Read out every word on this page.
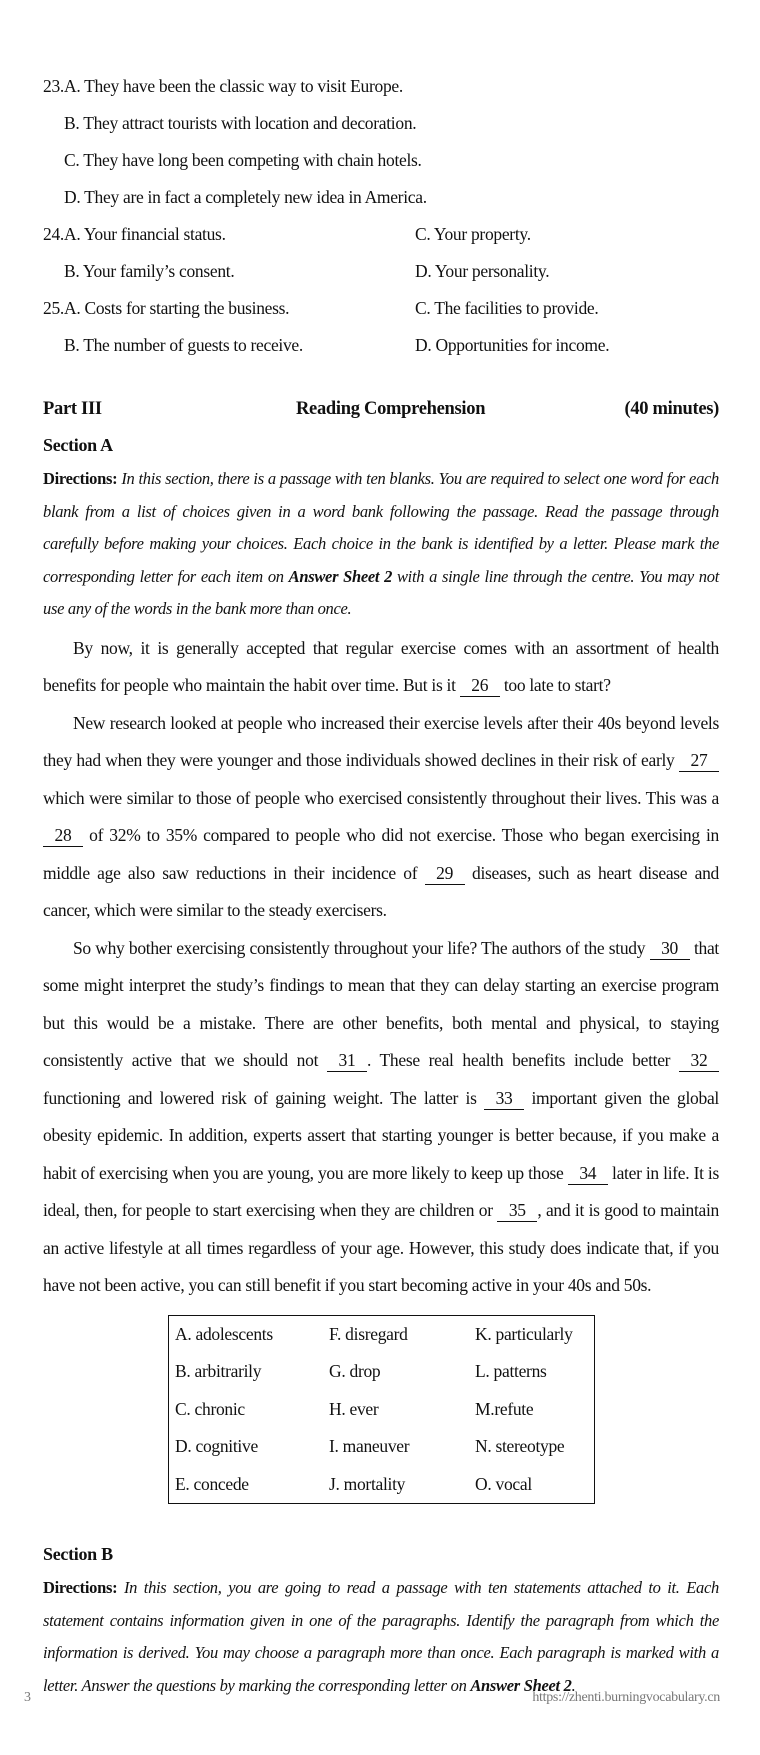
23.A. They have been the classic way to visit Europe.
B. They attract tourists with location and decoration.
C. They have long been competing with chain hotels.
D. They are in fact a completely new idea in America.
24.A. Your financial status.	C. Your property.
B. Your family’s consent.	D. Your personality.
25.A. Costs for starting the business.	C. The facilities to provide.
B. The number of guests to receive.	D. Opportunities for income.
Part III	Reading Comprehension	(40 minutes)
Section A
Directions: In this section, there is a passage with ten blanks. You are required to select one word for each blank from a list of choices given in a word bank following the passage. Read the passage through carefully before making your choices. Each choice in the bank is identified by a letter. Please mark the corresponding letter for each item on Answer Sheet 2 with a single line through the centre. You may not use any of the words in the bank more than once.

By now, it is generally accepted that regular exercise comes with an assortment of health benefits for people who maintain the habit over time. But is it 26 too late to start?

New research looked at people who increased their exercise levels after their 40s beyond levels they had when they were younger and those individuals showed declines in their risk of early 27 which were similar to those of people who exercised consistently throughout their lives. This was a 28 of 32% to 35% compared to people who did not exercise. Those who began exercising in middle age also saw reductions in their incidence of 29 diseases, such as heart disease and cancer, which were similar to the steady exercisers.

So why bother exercising consistently throughout your life? The authors of the study 30 that some might interpret the study’s findings to mean that they can delay starting an exercise program but this would be a mistake. There are other benefits, both mental and physical, to staying consistently active that we should not 31 . These real health benefits include better 32 functioning and lowered risk of gaining weight. The latter is 33 important given the global obesity epidemic. In addition, experts assert that starting younger is better because, if you make a habit of exercising when you are young, you are more likely to keep up those 34 later in life. It is ideal, then, for people to start exercising when they are children or 35 , and it is good to maintain an active lifestyle at all times regardless of your age. However, this study does indicate that, if you have not been active, you can still benefit if you start becoming active in your 40s and 50s.

A. adolescents	F. disregard	K. particularly
B. arbitrarily	G. drop	L. patterns
C. chronic	H. ever	M.refute
D. cognitive	I. maneuver	N. stereotype
E. concede	J. mortality	O. vocal
Section B
Directions: In this section, you are going to read a passage with ten statements attached to it. Each statement contains information given in one of the paragraphs. Identify the paragraph from which the information is derived. You may choose a paragraph more than once. Each paragraph is marked with a letter. Answer the questions by marking the corresponding letter on Answer Sheet 2.
3	https://zhenti.burningvocabulary.cn
